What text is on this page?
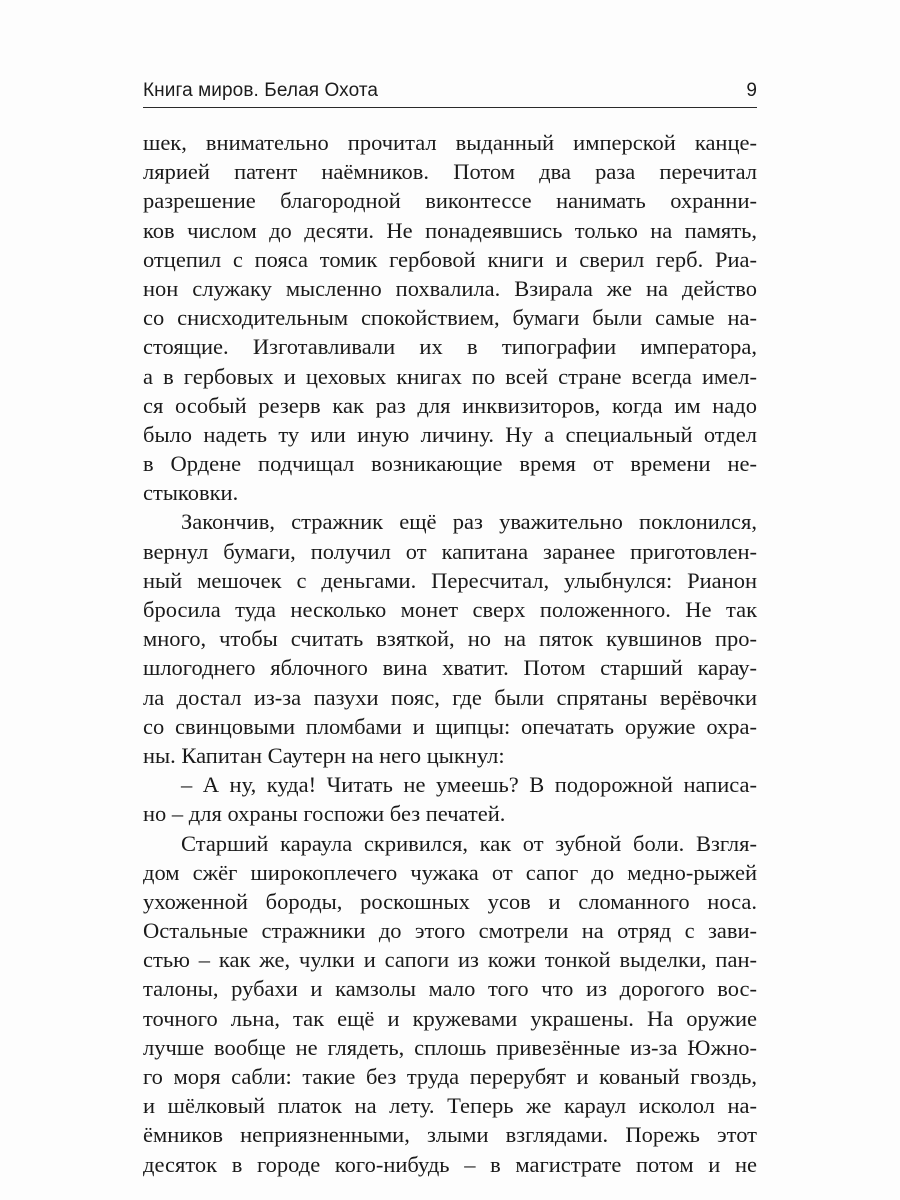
Книга миров. Белая Охота	9
шек, внимательно прочитал выданный имперской канце-
лярией патент наёмников. Потом два раза перечитал
разрешение благородной виконтессе нанимать охранни-
ков числом до десяти. Не понадеявшись только на память,
отцепил с пояса томик гербовой книги и сверил герб. Риа-
нон служаку мысленно похвалила. Взирала же на действо
со снисходительным спокойствием, бумаги были самые на-
стоящие. Изготавливали их в типографии императора,
а в гербовых и цеховых книгах по всей стране всегда имел-
ся особый резерв как раз для инквизиторов, когда им надо
было надеть ту или иную личину. Ну а специальный отдел
в Ордене подчищал возникающие время от времени не-
стыковки.
Закончив, стражник ещё раз уважительно поклонился,
вернул бумаги, получил от капитана заранее приготовлен-
ный мешочек с деньгами. Пересчитал, улыбнулся: Рианон
бросила туда несколько монет сверх положенного. Не так
много, чтобы считать взяткой, но на пяток кувшинов про-
шлогоднего яблочного вина хватит. Потом старший карау-
ла достал из-за пазухи пояс, где были спрятаны верёвочки
со свинцовыми пломбами и щипцы: опечатать оружие охра-
ны. Капитан Саутерн на него цыкнул:
– А ну, куда! Читать не умеешь? В подорожной написа-
но – для охраны госпожи без печатей.
Старший караула скривился, как от зубной боли. Взгля-
дом сжёг широкоплечего чужака от сапог до медно-рыжей
ухоженной бороды, роскошных усов и сломанного носа.
Остальные стражники до этого смотрели на отряд с зави-
стью – как же, чулки и сапоги из кожи тонкой выделки, пан-
талоны, рубахи и камзолы мало того что из дорогого вос-
точного льна, так ещё и кружевами украшены. На оружие
лучше вообще не глядеть, сплошь привезённые из-за Южно-
го моря сабли: такие без труда перерубят и кованый гвоздь,
и шёлковый платок на лету. Теперь же караул исколол на-
ёмников неприязненными, злыми взглядами. Порежь этот
десяток в городе кого-нибудь – в магистрате потом и не
